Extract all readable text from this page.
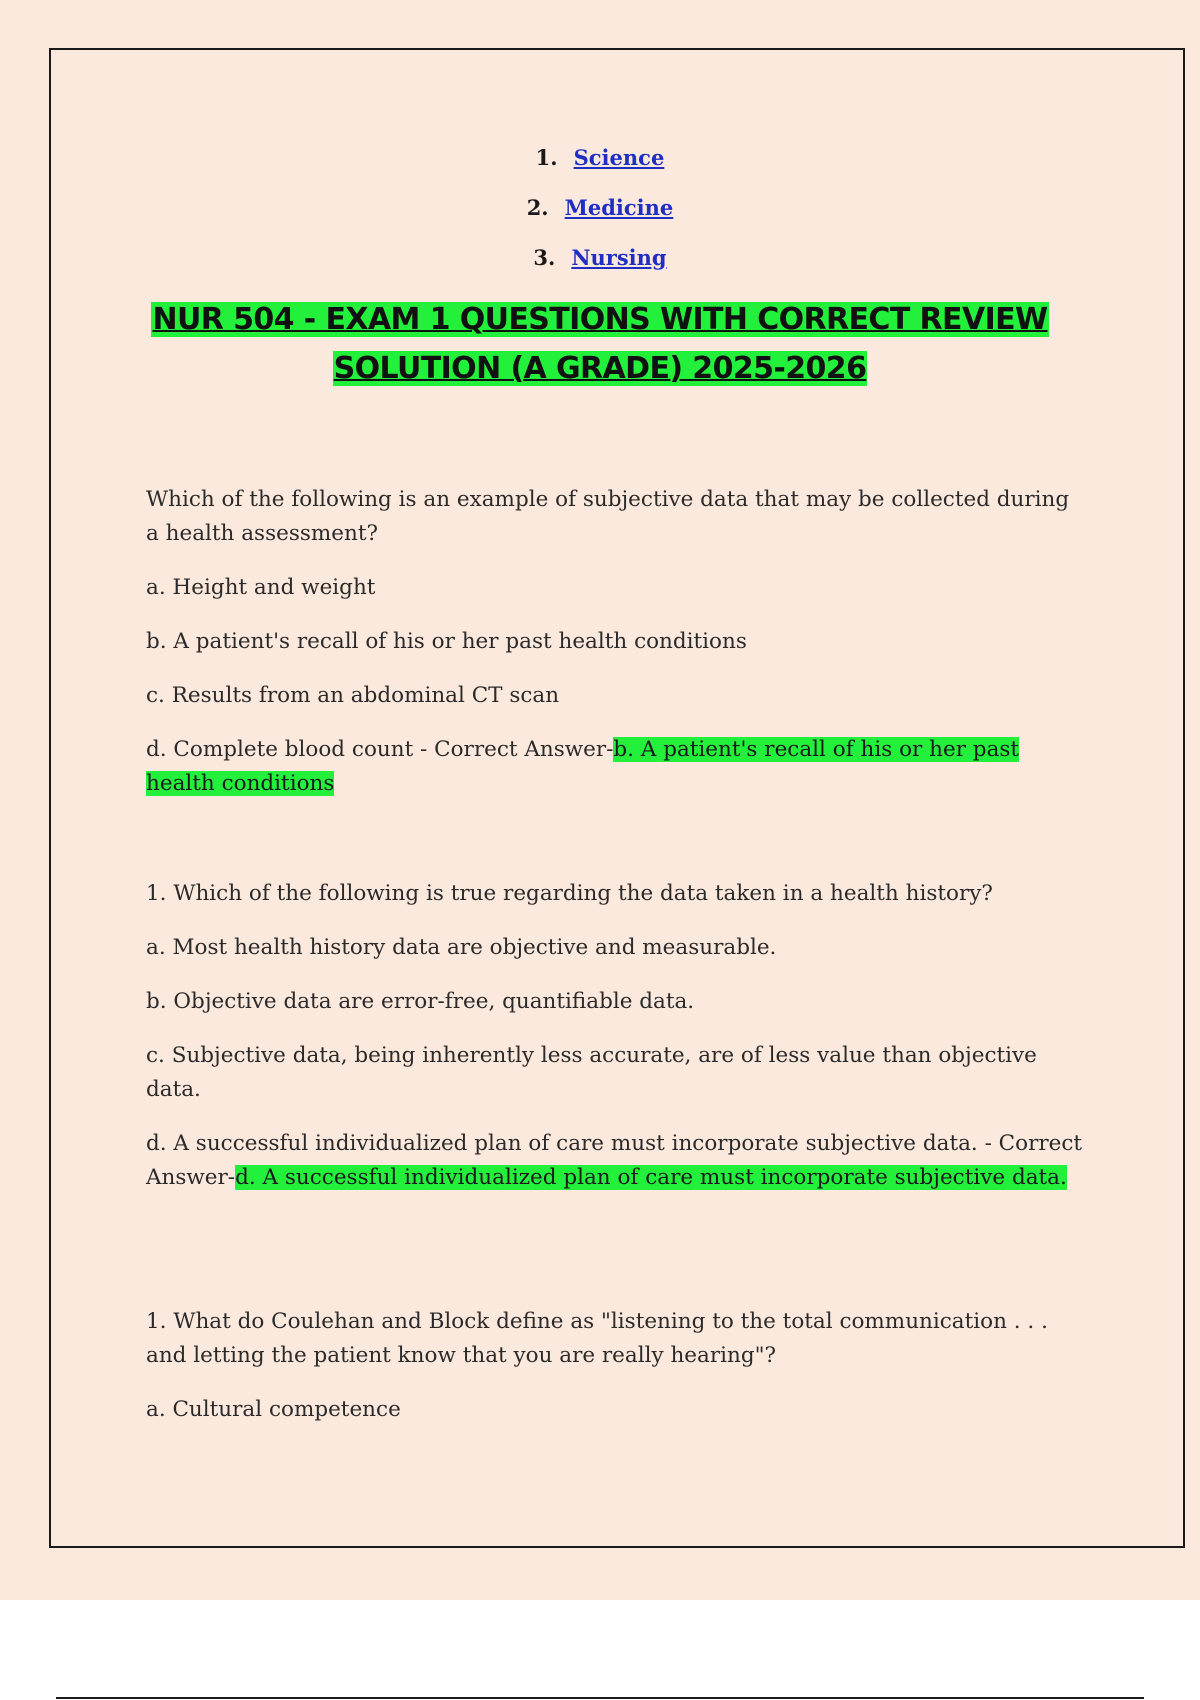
1. Science
2. Medicine
3. Nursing
NUR 504 - EXAM 1 QUESTIONS WITH CORRECT REVIEW
SOLUTION (A GRADE) 2025-2026

Which of the following is an example of subjective data that may be collected during a health assessment?

a. Height and weight

b. A patient's recall of his or her past health conditions

c. Results from an abdominal CT scan

d. Complete blood count - Correct Answer-b. A patient's recall of his or her past health conditions

1. Which of the following is true regarding the data taken in a health history?

a. Most health history data are objective and measurable.

b. Objective data are error-free, quantifiable data.

c. Subjective data, being inherently less accurate, are of less value than objective data.

d. A successful individualized plan of care must incorporate subjective data. - Correct Answer-d. A successful individualized plan of care must incorporate subjective data.

1. What do Coulehan and Block define as "listening to the total communication . . . and letting the patient know that you are really hearing"?

a. Cultural competence
